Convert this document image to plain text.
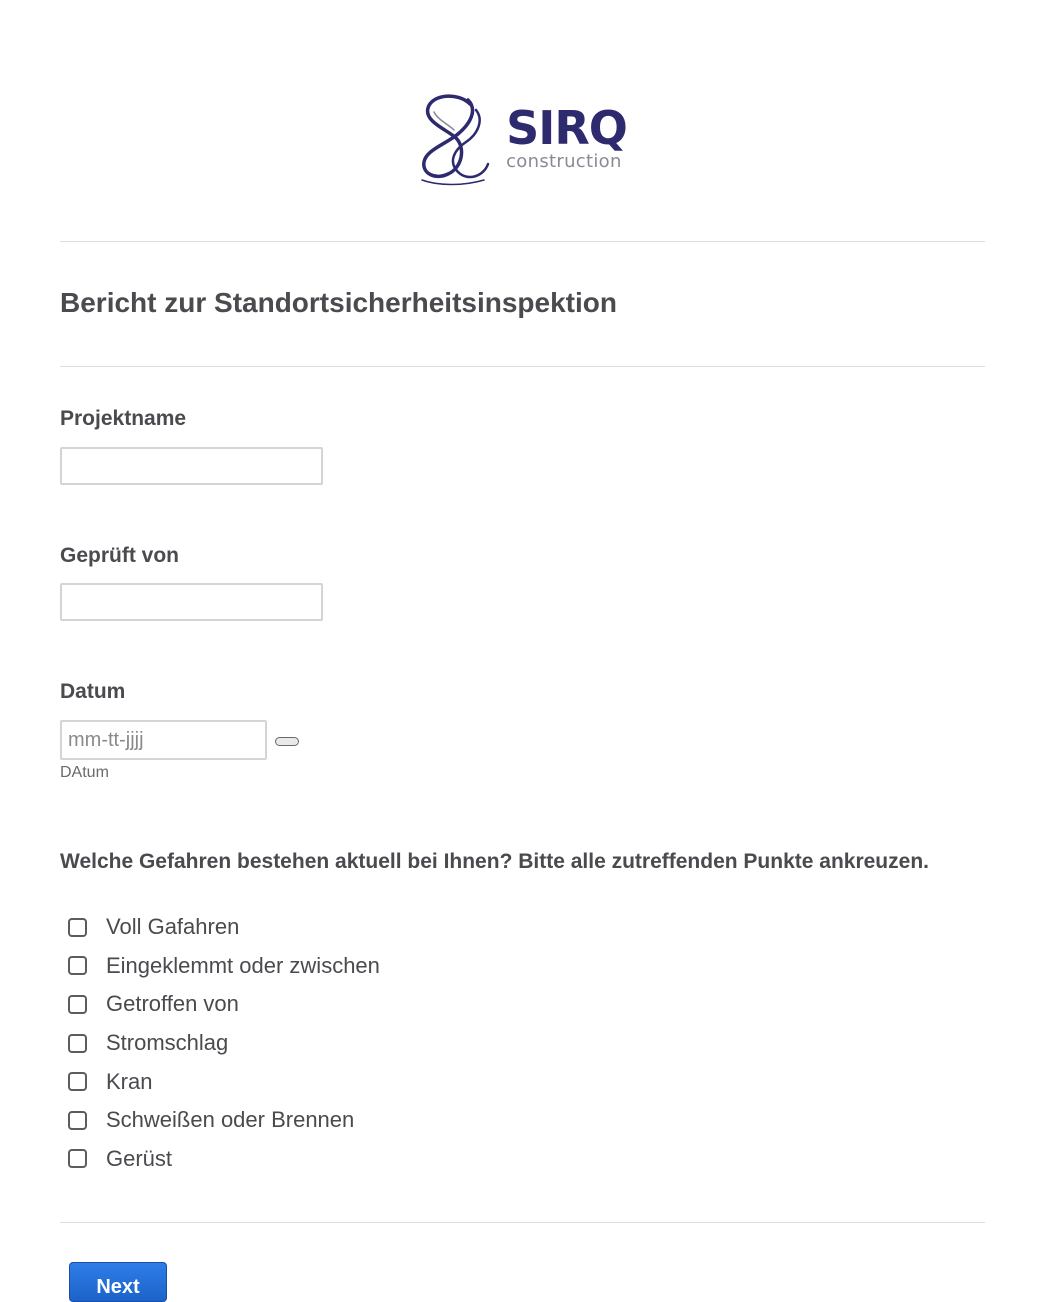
SIRQ
construction
Bericht zur Standortsicherheitsinspektion
Projektname
Geprüft von
Datum
mm-tt-jjjj
DAtum

Welche Gefahren bestehen aktuell bei Ihnen? Bitte alle zutreffenden Punkte ankreuzen.

Voll Gafahren
Eingeklemmt oder zwischen
Getroffen von
Stromschlag
Kran
Schweißen oder Brennen
Gerüst
Next
